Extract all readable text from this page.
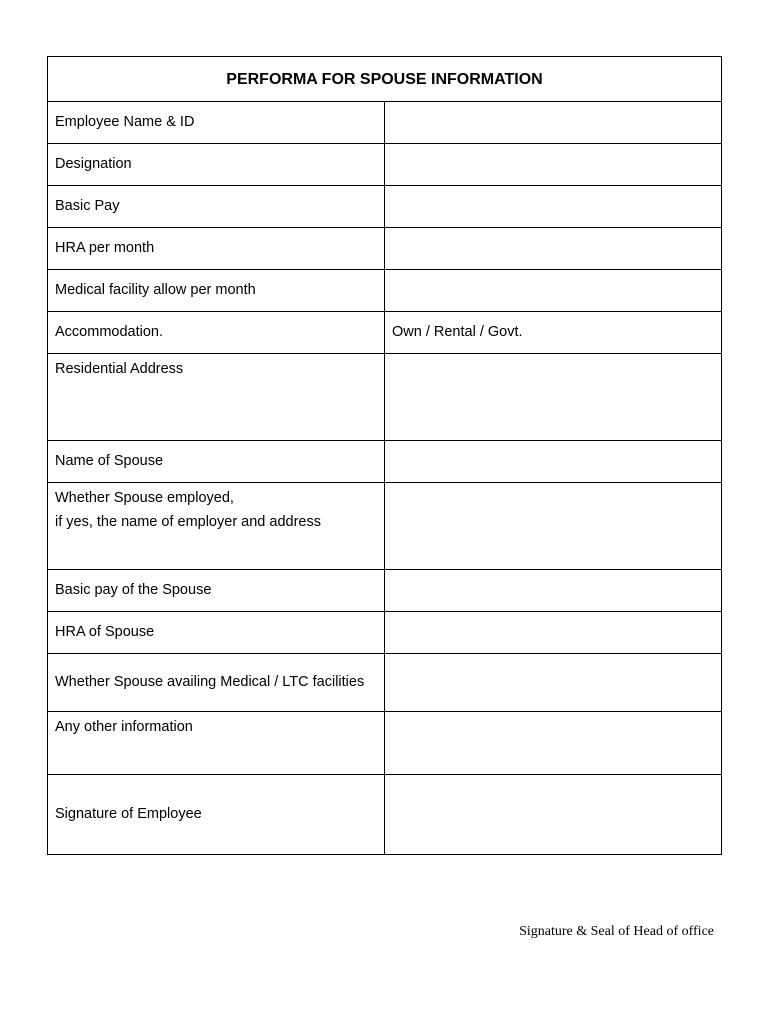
PERFORMA FOR SPOUSE INFORMATION	
Employee Name & ID	
Designation	
Basic Pay	
HRA per month	
Medical facility allow per month	
Accommodation.	Own / Rental / Govt.
Residential Address	
Name of Spouse	

Whether Spouse employed,
if yes, the name of employer and address	

Basic pay of the Spouse	
HRA of Spouse	
Whether Spouse availing Medical / LTC facilities	
Any other information	
Signature of Employee	
Signature & Seal of Head of office
